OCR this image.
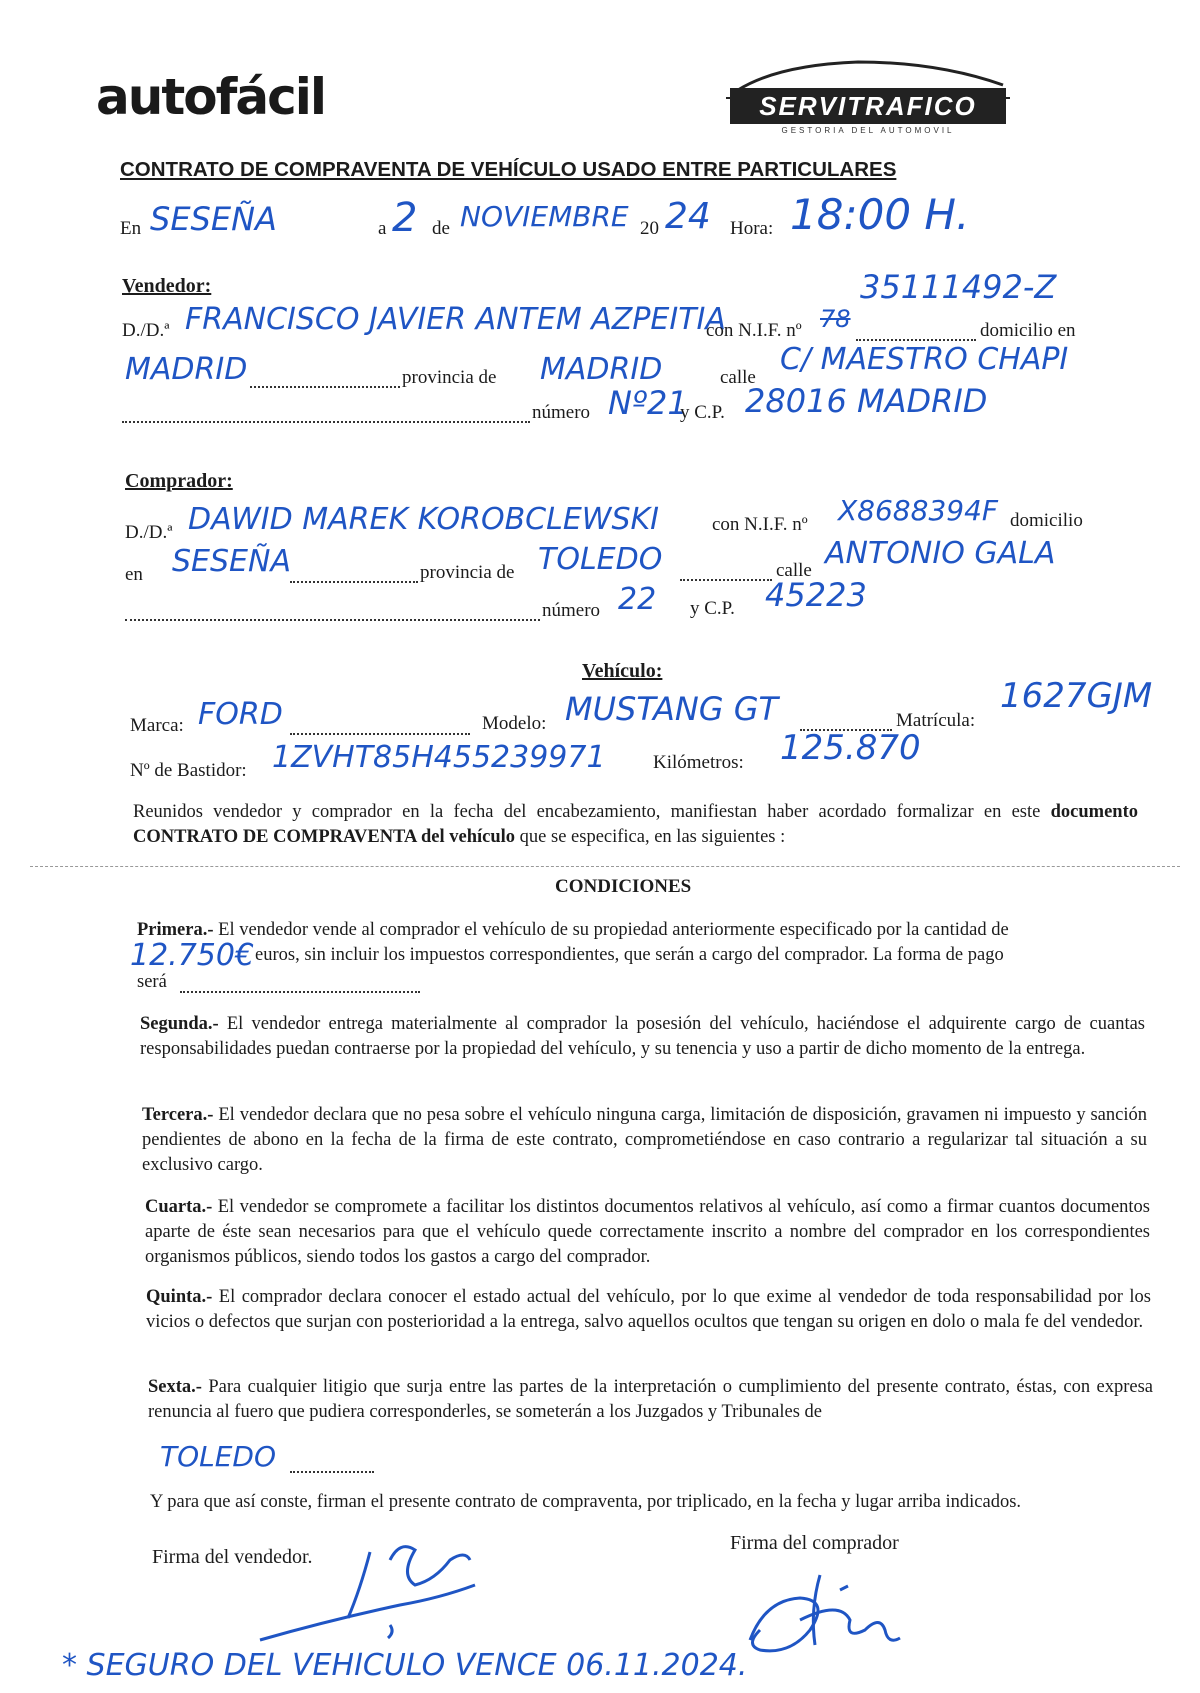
autofácil	SERVITRAFICO
GESTORIA DEL AUTOMOVIL
CONTRATO DE COMPRAVENTA DE VEHÍCULO USADO ENTRE PARTICULARES
En SESEÑA	a 2 de NOVIEMBRE 20 24 Hora: 18:00 H.
Vendedor:	35111492-Z
D./D.ª FRANCISCO JAVIER ANTEM AZPEITIA
con N.I.F. nº 78	domicilio en
MADRID	provincia de MADRID	calle
C/ MAESTRO CHAPI
número Nº21
y C.P. 28016 MADRID
Comprador:
D./D.ª DAWID MAREK KOROBCLEWSKI	con N.I.F. nº X8688394F domicilio
en SESEÑA	provincia de TOLEDO	calle ANTONIO GALA
número 22 y C.P. 45223
Vehículo:
Marca: FORD	Modelo: MUSTANG GT	Matrícula:
1627GJM
Nº de Bastidor: 1ZVHT85H455239971 Kilómetros: 125.870
Reunidos vendedor y comprador en la fecha del encabezamiento, manifiestan haber acordado formalizar en este documento CONTRATO DE COMPRAVENTA del vehículo que se especifica, en las siguientes :
CONDICIONES
Primera.- El vendedor vende al comprador el vehículo de su propiedad anteriormente especificado por la cantidad de
12.750€ euros, sin incluir los impuestos correspondientes, que serán a cargo del comprador. La forma de pago
será
Segunda.- El vendedor entrega materialmente al comprador la posesión del vehículo, haciéndose el adquirente cargo de cuantas responsabilidades puedan contraerse por la propiedad del vehículo, y su tenencia y uso a partir de dicho momento de la entrega.
Tercera.- El vendedor declara que no pesa sobre el vehículo ninguna carga, limitación de disposición, gravamen ni impuesto y sanción pendientes de abono en la fecha de la firma de este contrato, comprometiéndose en caso contrario a regularizar tal situación a su exclusivo cargo.
Cuarta.- El vendedor se compromete a facilitar los distintos documentos relativos al vehículo, así como a firmar cuantos documentos aparte de éste sean necesarios para que el vehículo quede correctamente inscrito a nombre del comprador en los correspondientes organismos públicos, siendo todos los gastos a cargo del comprador.
Quinta.- El comprador declara conocer el estado actual del vehículo, por lo que exime al vendedor de toda responsabilidad por los vicios o defectos que surjan con posterioridad a la entrega, salvo aquellos ocultos que tengan su origen en dolo o mala fe del vendedor.
Sexta.- Para cualquier litigio que surja entre las partes de la interpretación o cumplimiento del presente contrato, éstas, con expresa renuncia al fuero que pudiera corresponderles, se someterán a los Juzgados y Tribunales de
TOLEDO
Y para que así conste, firman el presente contrato de compraventa, por triplicado, en la fecha y lugar arriba indicados.
Firma del vendedor.
Firma del comprador
* SEGURO DEL VEHICULO VENCE 06.11.2024.
